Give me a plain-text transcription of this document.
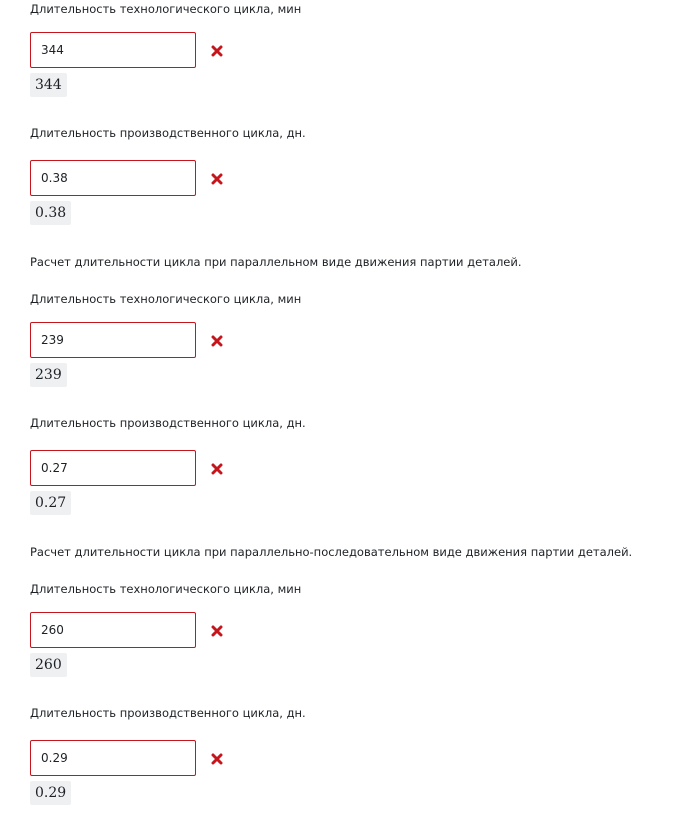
Длительность технологического цикла, мин
344
344
Длительность производственного цикла, дн.
0.38
0.38
Расчет длительности цикла при параллельном виде движения партии деталей.
Длительность технологического цикла, мин
239
239
Длительность производственного цикла, дн.
0.27
0.27
Расчет длительности цикла при параллельно-последовательном виде движения партии деталей.
Длительность технологического цикла, мин
260
260
Длительность производственного цикла, дн.
0.29
0.29
